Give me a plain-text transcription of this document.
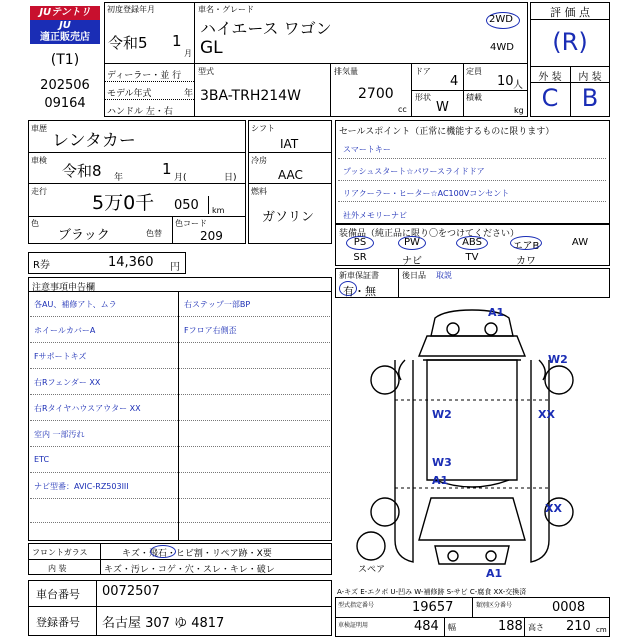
JUテントリ
JU
適正販売店
(T1)
202506
09164
初度登録年月
令和5 1
月
車名・グレード
ハイエース ワゴン
GL
2WD
4WD
ディーラー・並 行
モデル年式	年
ハンドル 左・右
型式
3BA-TRH214W
排気量
2700
cc
ドア
4
定員
10 人
形状
W
積載
kg
評 価 点
(R)
外 装	内 装
C B
車歴
レンタカー
車検
令和8 年	1 月(	日)
走行
5万0千 050 km
色
ブラック	色替
色コード
209
シフト
IAT
冷房
AAC
燃料
ガソリン
セールスポイント（正常に機能するものに限ります）
スマートキー
プッシュスタート☆パワースライドドア
リアクーラー・ヒーター☆AC100Vコンセント
社外メモリーナビ
装備品（純正品に限り〇をつけてください）
PS	PW	ABS	エアB	AW
SR	ナビ	TV	カワ
R券	14,360 円
新車保証書
有・無
後日品 取説
注意事項申告欄
各AU、補修アト、ムラ
ホイールカバーA
Fサポートキズ
右Rフェンダー XX
右Rタイヤハウスアウター XX
室内 一部汚れ
ETC
ナビ型番：AVIC-RZ503III
右ステップ一部BP
Fフロア右側歪
フロントガラス	キズ・飛石・ヒビ割・リペア跡・X要
内 装	キズ・汚レ・コゲ・穴・スレ・キレ・破レ
車台番号 0072507
登録番号 名古屋 307 ゆ 4817
A1
W2
W2	XX
W3
A1
XX
A1
スペア
A-キズ E-エクボ U-凹み W-補修跡 S-サビ C-腐食 XX-交換済
型式指定番号	19657	類別区分番号	0008
車検証明用	484 幅	188 高さ 210 cm
